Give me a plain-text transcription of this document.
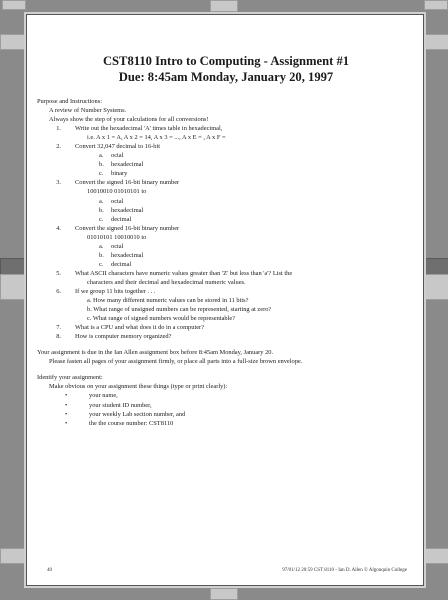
CST8110 Intro to Computing - Assignment #1
Due: 8:45am Monday, January 20, 1997
Purpose and Instructions:
A review of Number Systems.
Always show the step of your calculations for all conversions!
1. Write out the hexadecimal 'A' times table in hexadecimal,
i.e. A x 1 = A, A x 2 = 14, A x 3 = ..., A x E = , A x F =
2. Convert 32,047 decimal to 16-bit
a. octal
b. hexadecimal
c. binary
3. Convert the signed 16-bit binary number
10010010 01010101 to
a. octal
b. hexadecimal
c. decimal
4. Convert the signed 16-bit binary number
01010101 10010010 to
a. octal
b. hexadecimal
c. decimal
5. What ASCII characters have numeric values greater than 'Z' but less than 'a'? List the
characters and their decimal and hexadecimal numeric values.
6. If we group 11 bits together . . .
a. How many different numeric values can be stored in 11 bits?
b. What range of unsigned numbers can be represented, starting at zero?
c. What range of signed numbers would be representable?
7. What is a CPU and what does it do in a computer?
8. How is computer memory organized?
Your assignment is due in the Ian Allen assignment box before 8:45am Monday, January 20.
Please fasten all pages of your assignment firmly, or place all parts into a full-size brown envelope.
Identify your assignment:
Make obvious on your assignment these things (type or print clearly):
•	your name,
•	your student ID number,
•	your weekly Lab section number, and
•	the the course number: CST8110
40	97/01/12 20:59 CST 8110 - Ian D. Allen © Algonquin College
